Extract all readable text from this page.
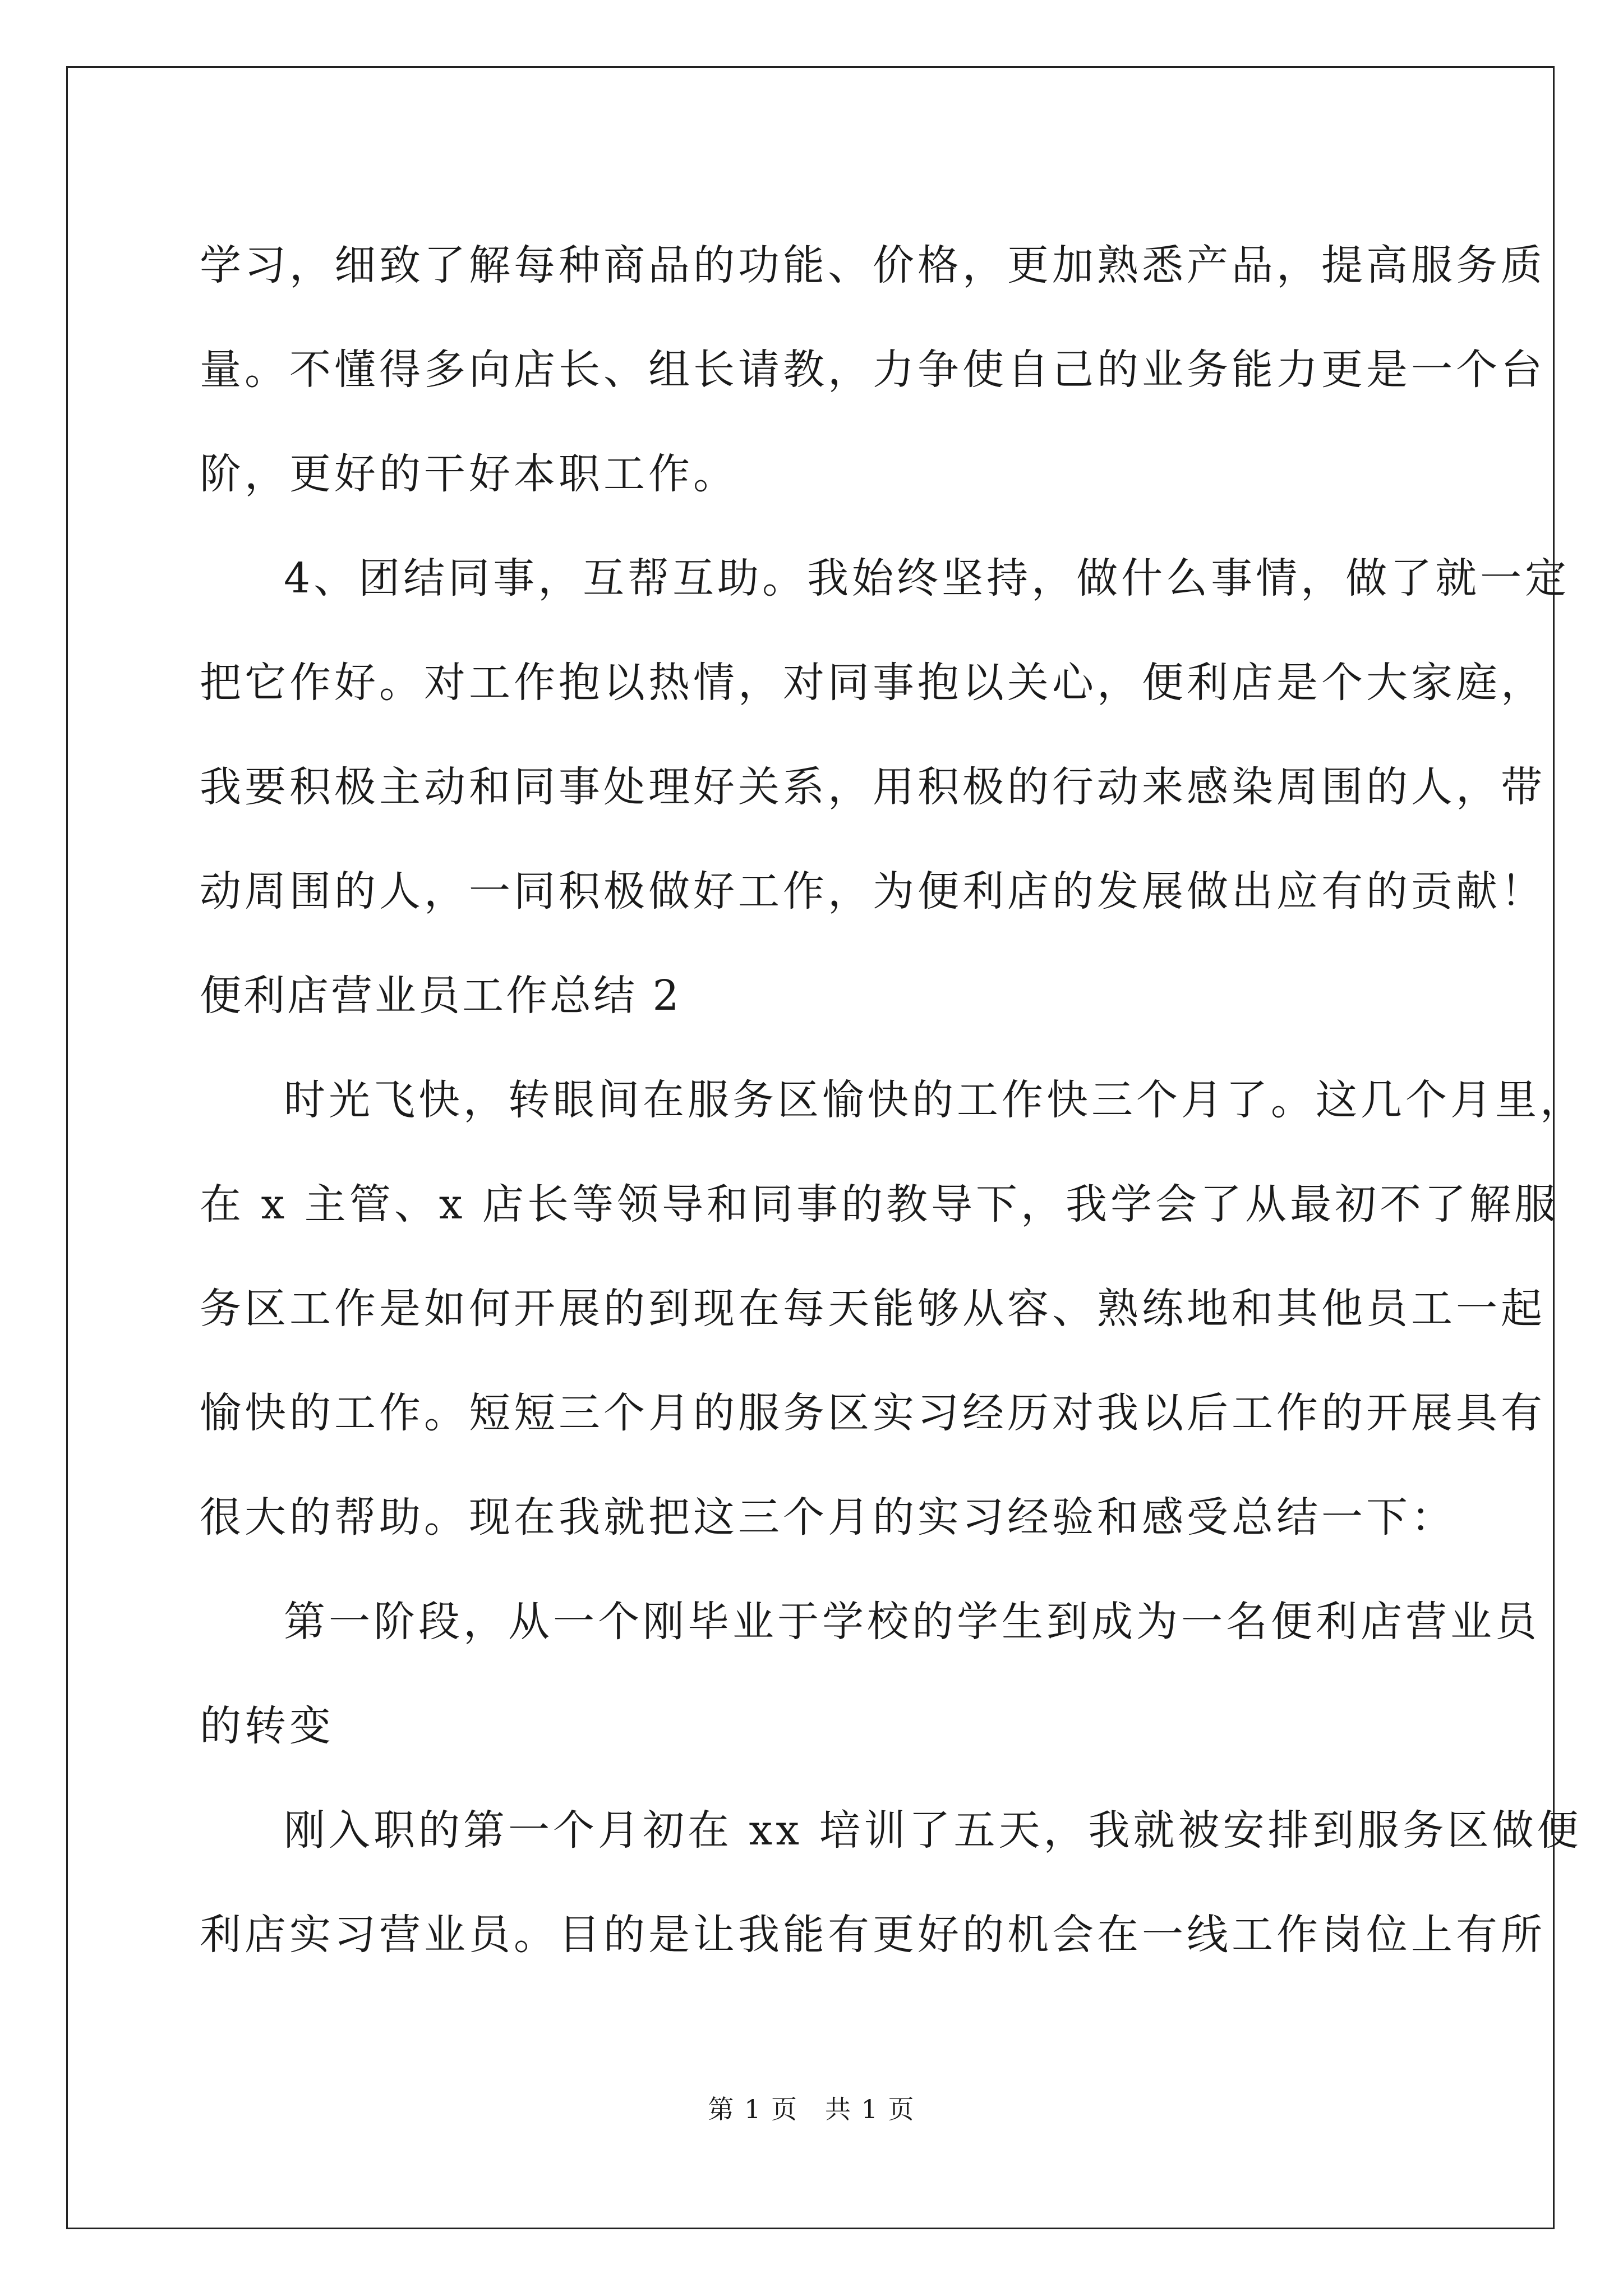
学习，细致了解每种商品的功能、价格，更加熟悉产品，提高服务质
量。不懂得多向店长、组长请教，力争使自己的业务能力更是一个台
阶，更好的干好本职工作。
4、团结同事，互帮互助。我始终坚持，做什么事情，做了就一定
把它作好。对工作抱以热情，对同事抱以关心，便利店是个大家庭，
我要积极主动和同事处理好关系，用积极的行动来感染周围的人，带
动周围的人，一同积极做好工作，为便利店的发展做出应有的贡献！
便利店营业员工作总结 2
时光飞快，转眼间在服务区愉快的工作快三个月了。这几个月里，
在 x 主管、x 店长等领导和同事的教导下，我学会了从最初不了解服
务区工作是如何开展的到现在每天能够从容、熟练地和其他员工一起
愉快的工作。短短三个月的服务区实习经历对我以后工作的开展具有
很大的帮助。现在我就把这三个月的实习经验和感受总结一下：
第一阶段，从一个刚毕业于学校的学生到成为一名便利店营业员
的转变
刚入职的第一个月初在 xx 培训了五天，我就被安排到服务区做便
利店实习营业员。目的是让我能有更好的机会在一线工作岗位上有所
第 1 页　共 1 页
